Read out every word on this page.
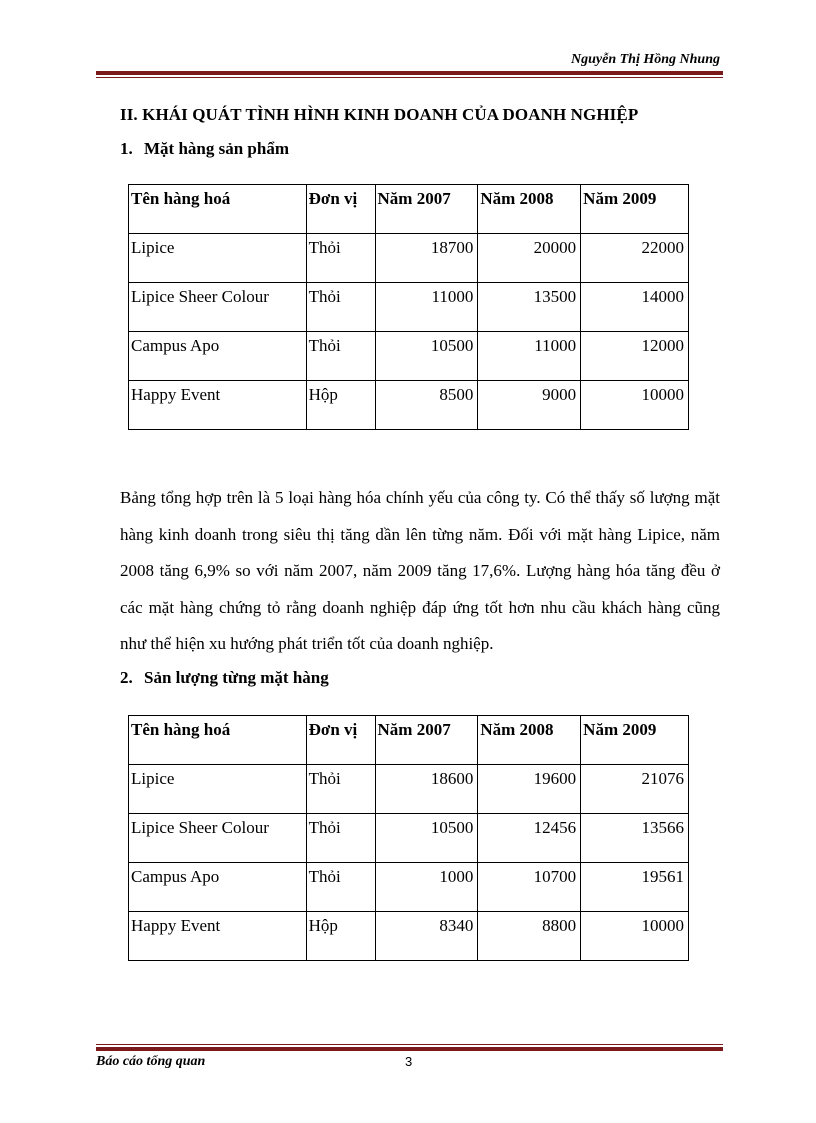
Nguyễn Thị Hồng Nhung
II. KHÁI QUÁT TÌNH HÌNH KINH DOANH CỦA DOANH NGHIỆP
1. Mặt hàng sản phẩm
Tên hàng hoá	Đơn vị	Năm 2007	Năm 2008	Năm 2009
Lipice	Thỏi	18700	20000	22000
Lipice Sheer Colour	Thỏi	11000	13500	14000
Campus Apo	Thỏi	10500	11000	12000
Happy Event	Hộp	8500	9000	10000
Bảng tổng hợp trên là 5 loại hàng hóa chính yếu của công ty. Có thể thấy số lượng mặt hàng kinh doanh trong siêu thị tăng dần lên từng năm. Đối với mặt hàng Lipice, năm 2008 tăng 6,9% so với năm 2007, năm 2009 tăng 17,6%. Lượng hàng hóa tăng đều ở các mặt hàng chứng tỏ rằng doanh nghiệp đáp ứng tốt hơn nhu cầu khách hàng cũng như thể hiện xu hướng phát triển tốt của doanh nghiệp.
2. Sản lượng từng mặt hàng
Tên hàng hoá	Đơn vị	Năm 2007	Năm 2008	Năm 2009
Lipice	Thỏi	18600	19600	21076
Lipice Sheer Colour	Thỏi	10500	12456	13566
Campus Apo	Thỏi	1000	10700	19561
Happy Event	Hộp	8340	8800	10000
Báo cáo tổng quan	3
